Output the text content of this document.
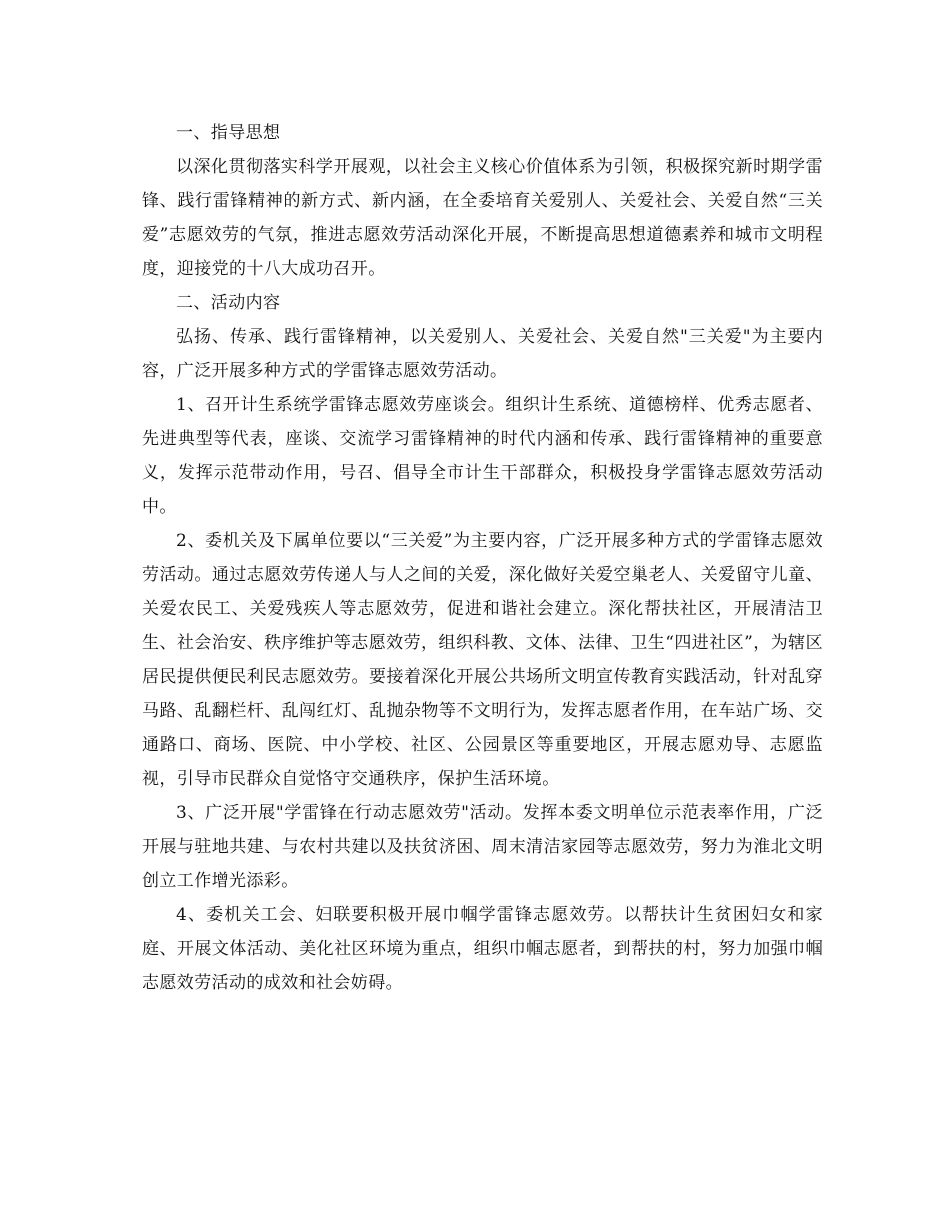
一、指导思想

以深化贯彻落实科学开展观，以社会主义核心价值体系为引领，积极探究新时期学雷锋、践行雷锋精神的新方式、新内涵，在全委培育关爱别人、关爱社会、关爱自然“三关爱”志愿效劳的气氛，推进志愿效劳活动深化开展，不断提高思想道德素养和城市文明程度，迎接党的十八大成功召开。

二、活动内容

弘扬、传承、践行雷锋精神，以关爱别人、关爱社会、关爱自然"三关爱"为主要内容，广泛开展多种方式的学雷锋志愿效劳活动。

1、召开计生系统学雷锋志愿效劳座谈会。组织计生系统、道德榜样、优秀志愿者、先进典型等代表，座谈、交流学习雷锋精神的时代内涵和传承、践行雷锋精神的重要意义，发挥示范带动作用，号召、倡导全市计生干部群众，积极投身学雷锋志愿效劳活动中。

2、委机关及下属单位要以“三关爱”为主要内容，广泛开展多种方式的学雷锋志愿效劳活动。通过志愿效劳传递人与人之间的关爱，深化做好关爱空巢老人、关爱留守儿童、关爱农民工、关爱残疾人等志愿效劳，促进和谐社会建立。深化帮扶社区，开展清洁卫生、社会治安、秩序维护等志愿效劳，组织科教、文体、法律、卫生“四进社区”，为辖区居民提供便民利民志愿效劳。要接着深化开展公共场所文明宣传教育实践活动，针对乱穿马路、乱翻栏杆、乱闯红灯、乱抛杂物等不文明行为，发挥志愿者作用，在车站广场、交通路口、商场、医院、中小学校、社区、公园景区等重要地区，开展志愿劝导、志愿监视，引导市民群众自觉恪守交通秩序，保护生活环境。

3、广泛开展"学雷锋在行动志愿效劳"活动。发挥本委文明单位示范表率作用，广泛开展与驻地共建、与农村共建以及扶贫济困、周末清洁家园等志愿效劳，努力为淮北文明创立工作增光添彩。

4、委机关工会、妇联要积极开展巾帼学雷锋志愿效劳。以帮扶计生贫困妇女和家庭、开展文体活动、美化社区环境为重点，组织巾帼志愿者，到帮扶的村，努力加强巾帼志愿效劳活动的成效和社会妨碍。
